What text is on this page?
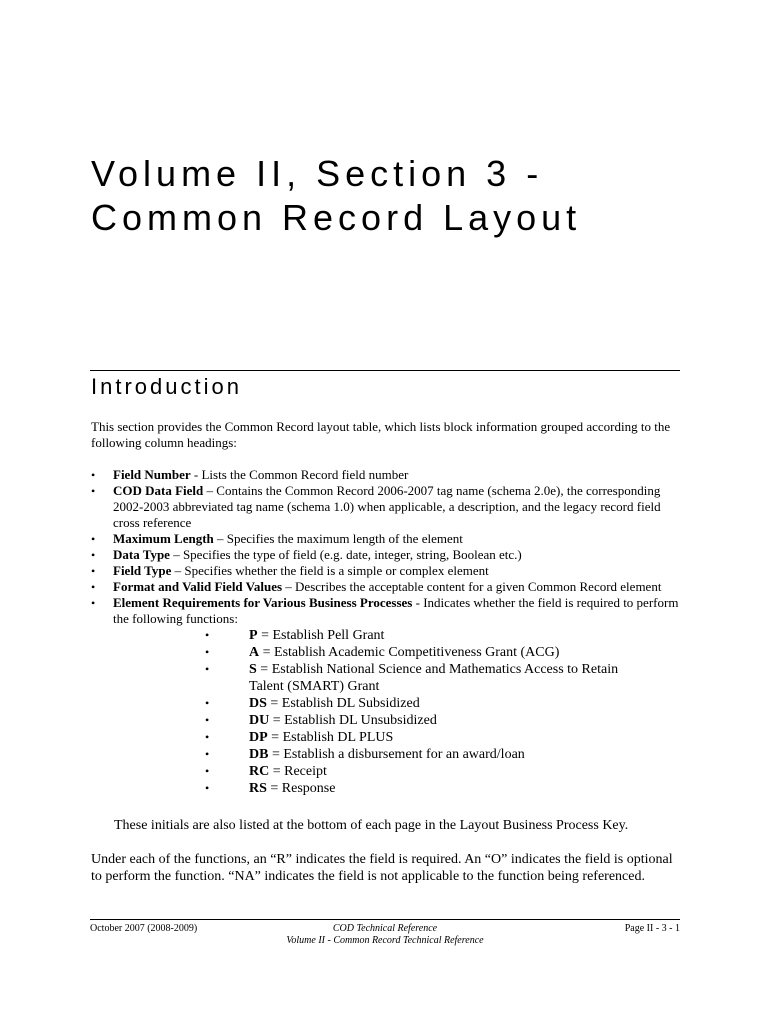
Volume II, Section 3 -
Common Record Layout
Introduction

This section provides the Common Record layout table, which lists block information grouped according to the following column headings:

• Field Number - Lists the Common Record field number
• COD Data Field – Contains the Common Record 2006-2007 tag name (schema 2.0e), the corresponding 2002-2003 abbreviated tag name (schema 1.0) when applicable, a description, and the legacy record field cross reference
• Maximum Length – Specifies the maximum length of the element
• Data Type – Specifies the type of field (e.g. date, integer, string, Boolean etc.)
• Field Type – Specifies whether the field is a simple or complex element
• Format and Valid Field Values – Describes the acceptable content for a given Common Record element
• Element Requirements for Various Business Processes - Indicates whether the field is required to perform the following functions:
• P = Establish Pell Grant
• A = Establish Academic Competitiveness Grant (ACG)
• S = Establish National Science and Mathematics Access to Retain Talent (SMART) Grant
• DS = Establish DL Subsidized
• DU = Establish DL Unsubsidized
• DP = Establish DL PLUS
• DB = Establish a disbursement for an award/loan
• RC = Receipt
• RS = Response

These initials are also listed at the bottom of each page in the Layout Business Process Key.

Under each of the functions, an “R” indicates the field is required. An “O” indicates the field is optional to perform the function. “NA” indicates the field is not applicable to the function being referenced.

October 2007 (2008-2009)	COD Technical Reference
Volume II - Common Record Technical Reference
Page II - 3 - 1
